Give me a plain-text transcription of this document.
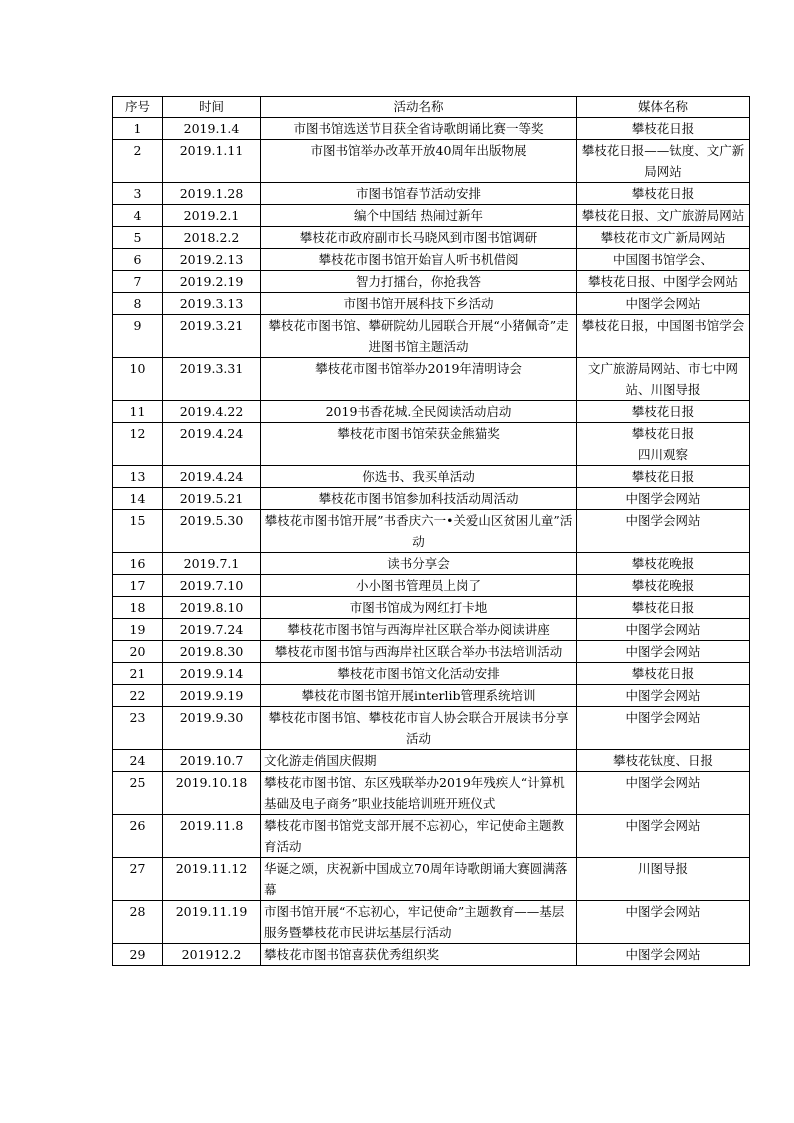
序号	时间	活动名称	媒体名称
1	2019.1.4	市图书馆选送节目获全省诗歌朗诵比赛一等奖	攀枝花日报
2	2019.1.11	市图书馆举办改革开放40周年出版物展	攀枝花日报——钛度、文广新局网站
3	2019.1.28	市图书馆春节活动安排	攀枝花日报
4	2019.2.1	编个中国结 热闹过新年	攀枝花日报、文广旅游局网站
5	2018.2.2	攀枝花市政府副市长马晓风到市图书馆调研	攀枝花市文广新局网站
6	2019.2.13	攀枝花市图书馆开始盲人听书机借阅	中国图书馆学会、
7	2019.2.19	智力打擂台，你抢我答	攀枝花日报、中图学会网站
8	2019.3.13	市图书馆开展科技下乡活动	中图学会网站
9	2019.3.21	攀枝花市图书馆、攀研院幼儿园联合开展“小猪佩奇”走进图书馆主题活动	攀枝花日报，中国图书馆学会
10	2019.3.31	攀枝花市图书馆举办2019年清明诗会	文广旅游局网站、市七中网站、川图导报
11	2019.4.22	2019书香花城.全民阅读活动启动	攀枝花日报
12	2019.4.24	攀枝花市图书馆荣获金熊猫奖	攀枝花日报
四川观察
13	2019.4.24	你选书、我买单活动	攀枝花日报
14	2019.5.21	攀枝花市图书馆参加科技活动周活动	中图学会网站
15	2019.5.30	攀枝花市图书馆开展”书香庆六一•关爱山区贫困儿童”活动	中图学会网站
16	2019.7.1	读书分享会	攀枝花晚报
17	2019.7.10	小小图书管理员上岗了	攀枝花晚报
18	2019.8.10	市图书馆成为网红打卡地	攀枝花日报
19	2019.7.24	攀枝花市图书馆与西海岸社区联合举办阅读讲座	中图学会网站
20	2019.8.30	攀枝花市图书馆与西海岸社区联合举办书法培训活动	中图学会网站
21	2019.9.14	攀枝花市图书馆文化活动安排	攀枝花日报
22	2019.9.19	攀枝花市图书馆开展interlib管理系统培训	中图学会网站
23	2019.9.30	攀枝花市图书馆、攀枝花市盲人协会联合开展读书分享活动	中图学会网站
24	2019.10.7	文化游走俏国庆假期	攀枝花钛度、日报
25	2019.10.18	攀枝花市图书馆、东区残联举办2019年残疾人“计算机基础及电子商务”职业技能培训班开班仪式	中图学会网站
26	2019.11.8	攀枝花市图书馆党支部开展不忘初心，牢记使命主题教育活动	中图学会网站
27	2019.11.12	华诞之颂，庆祝新中国成立70周年诗歌朗诵大赛圆满落幕	川图导报
28	2019.11.19	市图书馆开展“不忘初心，牢记使命”主题教育——基层服务暨攀枝花市民讲坛基层行活动	中图学会网站
29	201912.2	攀枝花市图书馆喜获优秀组织奖	中图学会网站
